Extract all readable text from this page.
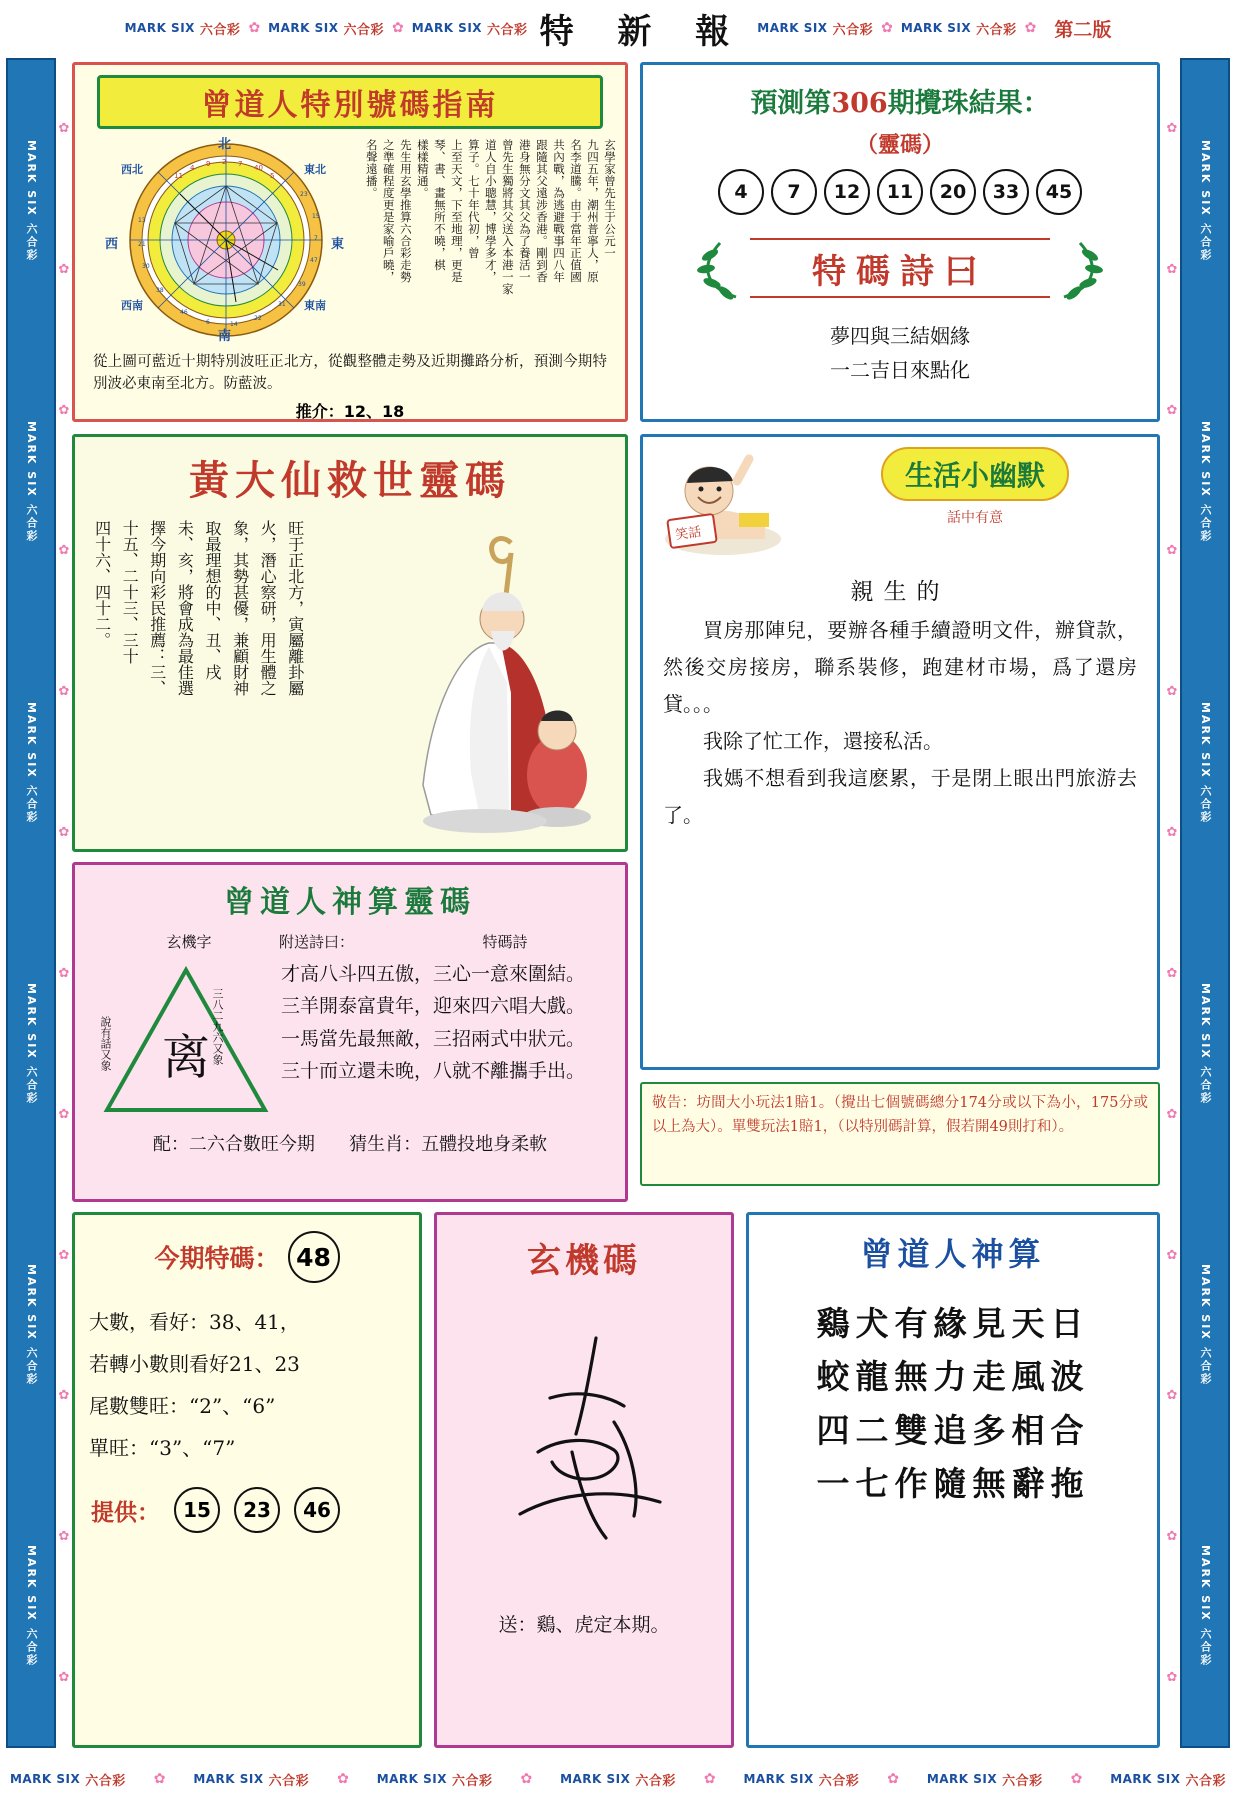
MARK SIX 六合彩 ✿ MARK SIX 六合彩 ✿ MARK SIX 六合彩 特 新 報 MARK SIX 六合彩 ✿ MARK SIX 六合彩 ✿ 第二版
MARK SIX 六合彩
MARK SIX 六合彩
MARK SIX 六合彩
MARK SIX 六合彩
MARK SIX 六合彩
MARK SIX 六合彩
MARK SIX 六合彩
MARK SIX 六合彩
MARK SIX 六合彩
MARK SIX 六合彩
MARK SIX 六合彩
MARK SIX 六合彩
✿
✿
✿
✿
✿
✿
✿
✿
✿
✿
✿
✿
✿
✿
✿
✿
✿
✿
✿
✿
✿
✿
✿
✿
曾道人特別號碼指南
4 9 2 7 40
5
11
13
21
30
38
46
6	14
22
31
39
47
7
15
23
北
南
東
西
西北	東北
西南	東南
玄學家曾先生于公元一
九四五年，潮州普寧人，原
名李道騰。由于當年正值國
共內戰，為逃避戰事四八年
跟隨其父遠涉香港。剛到香
港身無分文其父為了養活一
曾先生獨將其父送入本港一家
道人自小聰慧，博學多才，
算子。七十年代初，曾
上至天文，下至地理，更是
琴、書、畫無所不曉，棋
樣樣精通。
先生用玄學推算六合彩走勢
之準確程度更是家喻戶曉，
名聲遠播。
從上圖可藍近十期特別波旺正北方，從觀整體走勢及近期攤路分析，預測今期特別波必東南至北方。防藍波。
推介：12、18
預測第306期攪珠結果：
（靈碼）
4	7	12	11	20	33	45
特碼詩曰
夢四與三結姻緣
一二吉日來點化
黃大仙救世靈碼
四十六、四十二。 十五、二十三、三十 擇今期向彩民推薦：三、 未、亥，將會成為最佳選 取最理想的中、丑、戌 象，其勢甚優，兼顧財神 火，潛心察研，用生體之 旺于正北方，寅屬離卦屬	笑話
生活小幽默
話中有意
親生的

買房那陣兒，要辦各種手續證明文件，辦貸款，然後交房接房，聯系裝修，跑建材市場，爲了還房貸。。。

我除了忙工作，還接私活。

我媽不想看到我這麽累，于是閉上眼出門旅游去了。

曾道人神算靈碼
玄機字	附送詩曰：	特碼詩
离
說有話又象	三八二九六又象
才高八斗四五傲，三心一意來圍結。
三羊開泰富貴年，迎來四六唱大戲。
一馬當先最無敵，三招兩式中狀元。
三十而立還未晚，八就不離攜手出。
配：二六合數旺今期 猜生肖：五體投地身柔軟
敬告：坊間大小玩法1賠1。（攪出七個號碼總分174分或以下為小，175分或以上為大）。單雙玩法1賠1，（以特別碼計算，假若開49則打和）。
今期特碼： 48
大數，看好：38、41，
若轉小數則看好21、23
尾數雙旺：“2”、“6”
單旺：“3”、“7”
提供：	15	23	46
玄機碼
送：鷄、虎定本期。
曾道人神算
鷄犬有緣見天日
蛟龍無力走風波
四二雙追多相合
一七作隨無辭拖
MARK SIX 六合彩 ✿ MARK SIX 六合彩 ✿ MARK SIX 六合彩 ✿ MARK SIX 六合彩 ✿ MARK SIX 六合彩 ✿ MARK SIX 六合彩 ✿ MARK SIX 六合彩
